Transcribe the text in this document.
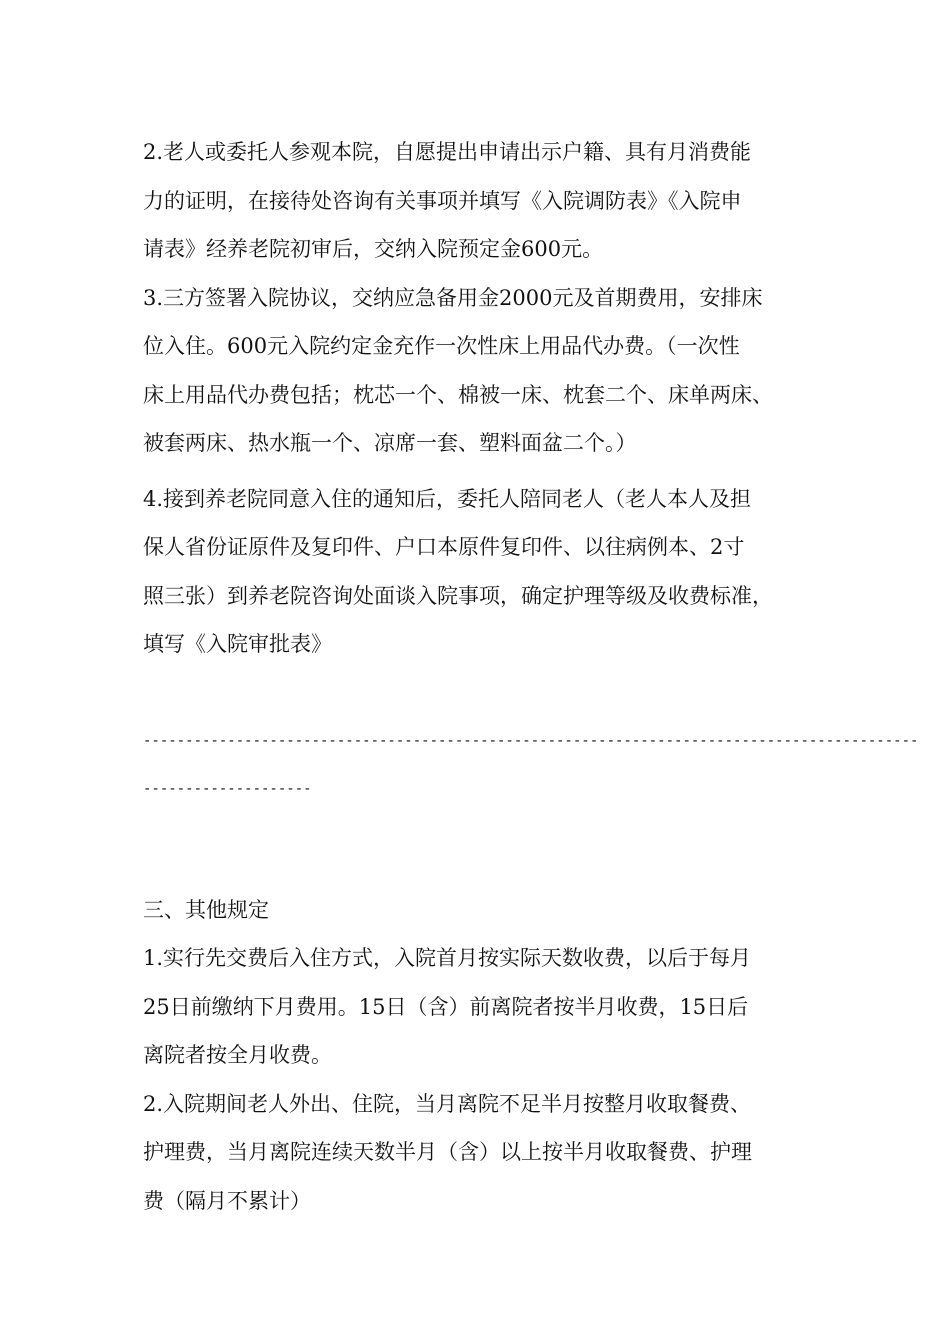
2.老人或委托人参观本院，自愿提出申请出示户籍、具有月消费能

力的证明，在接待处咨询有关事项并填写《入院调防表》《入院申

请表》经养老院初审后，交纳入院预定金600元。

3.三方签署入院协议，交纳应急备用金2000元及首期费用，安排床

位入住。600元入院约定金充作一次性床上用品代办费。（一次性

床上用品代办费包括；枕芯一个、棉被一床、枕套二个、床单两床、

被套两床、热水瓶一个、凉席一套、塑料面盆二个。）

4.接到养老院同意入住的通知后，委托人陪同老人（老人本人及担

保人省份证原件及复印件、户口本原件复印件、以往病例本、2寸

照三张）到养老院咨询处面谈入院事项，确定护理等级及收费标准，

填写《入院审批表》

--------------------------------------------------------------------------------------------

--------------------

三、其他规定

1.实行先交费后入住方式，入院首月按实际天数收费，以后于每月

25日前缴纳下月费用。15日（含）前离院者按半月收费，15日后

离院者按全月收费。

2.入院期间老人外出、住院，当月离院不足半月按整月收取餐费、

护理费，当月离院连续天数半月（含）以上按半月收取餐费、护理

费（隔月不累计）
